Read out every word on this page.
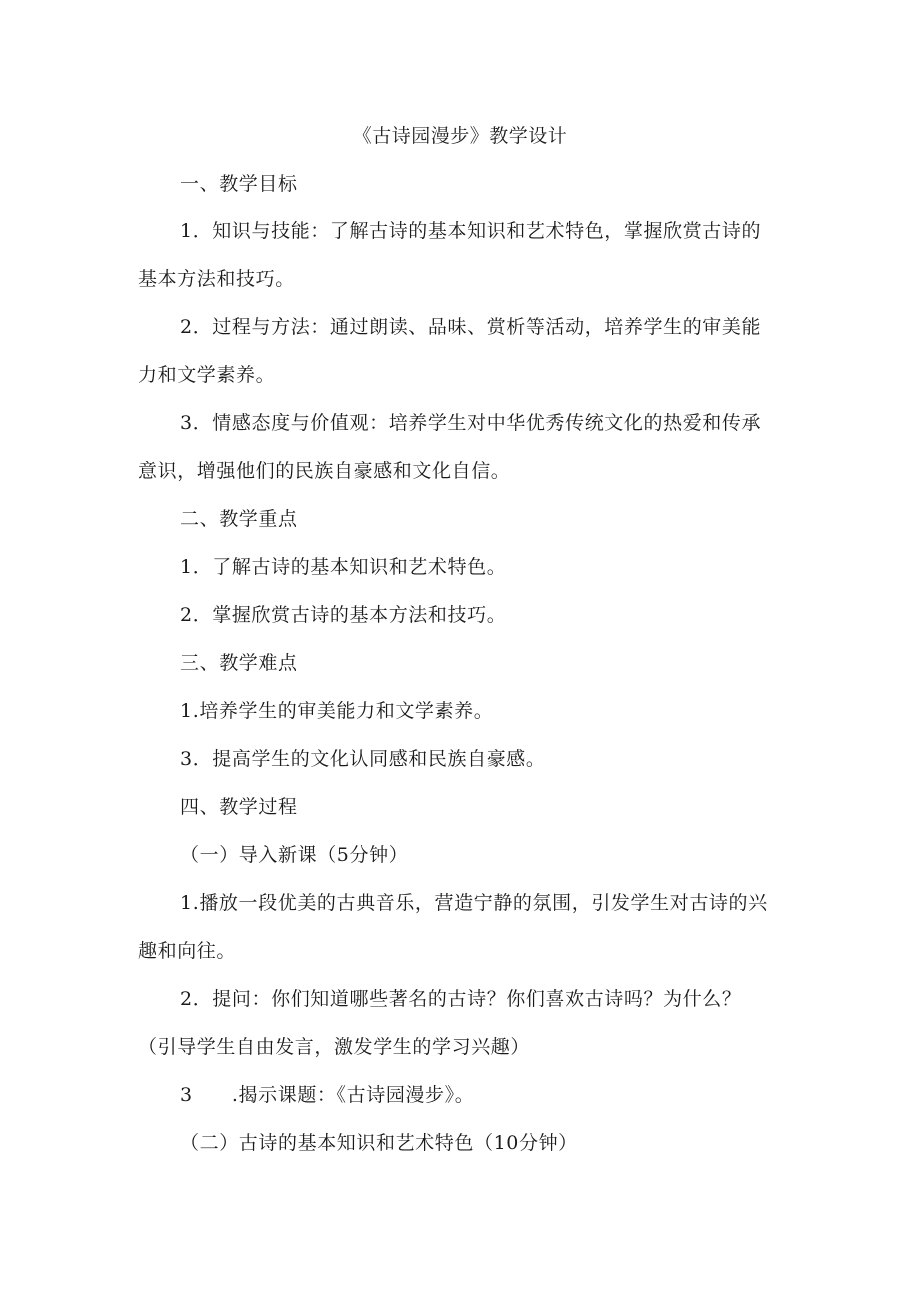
《古诗园漫步》教学设计
一、教学目标
1．知识与技能：了解古诗的基本知识和艺术特色，掌握欣赏古诗的
基本方法和技巧。
2．过程与方法：通过朗读、品味、赏析等活动，培养学生的审美能
力和文学素养。
3．情感态度与价值观：培养学生对中华优秀传统文化的热爱和传承
意识，增强他们的民族自豪感和文化自信。
二、教学重点
1．了解古诗的基本知识和艺术特色。
2．掌握欣赏古诗的基本方法和技巧。
三、教学难点
1.培养学生的审美能力和文学素养。
3．提高学生的文化认同感和民族自豪感。
四、教学过程
（一）导入新课（5分钟）
1.播放一段优美的古典音乐，营造宁静的氛围，引发学生对古诗的兴
趣和向往。
2．提问：你们知道哪些著名的古诗？你们喜欢古诗吗？为什么？
（引导学生自由发言，激发学生的学习兴趣）
3　　.揭示课题：《古诗园漫步》。
（二）古诗的基本知识和艺术特色（10分钟）
